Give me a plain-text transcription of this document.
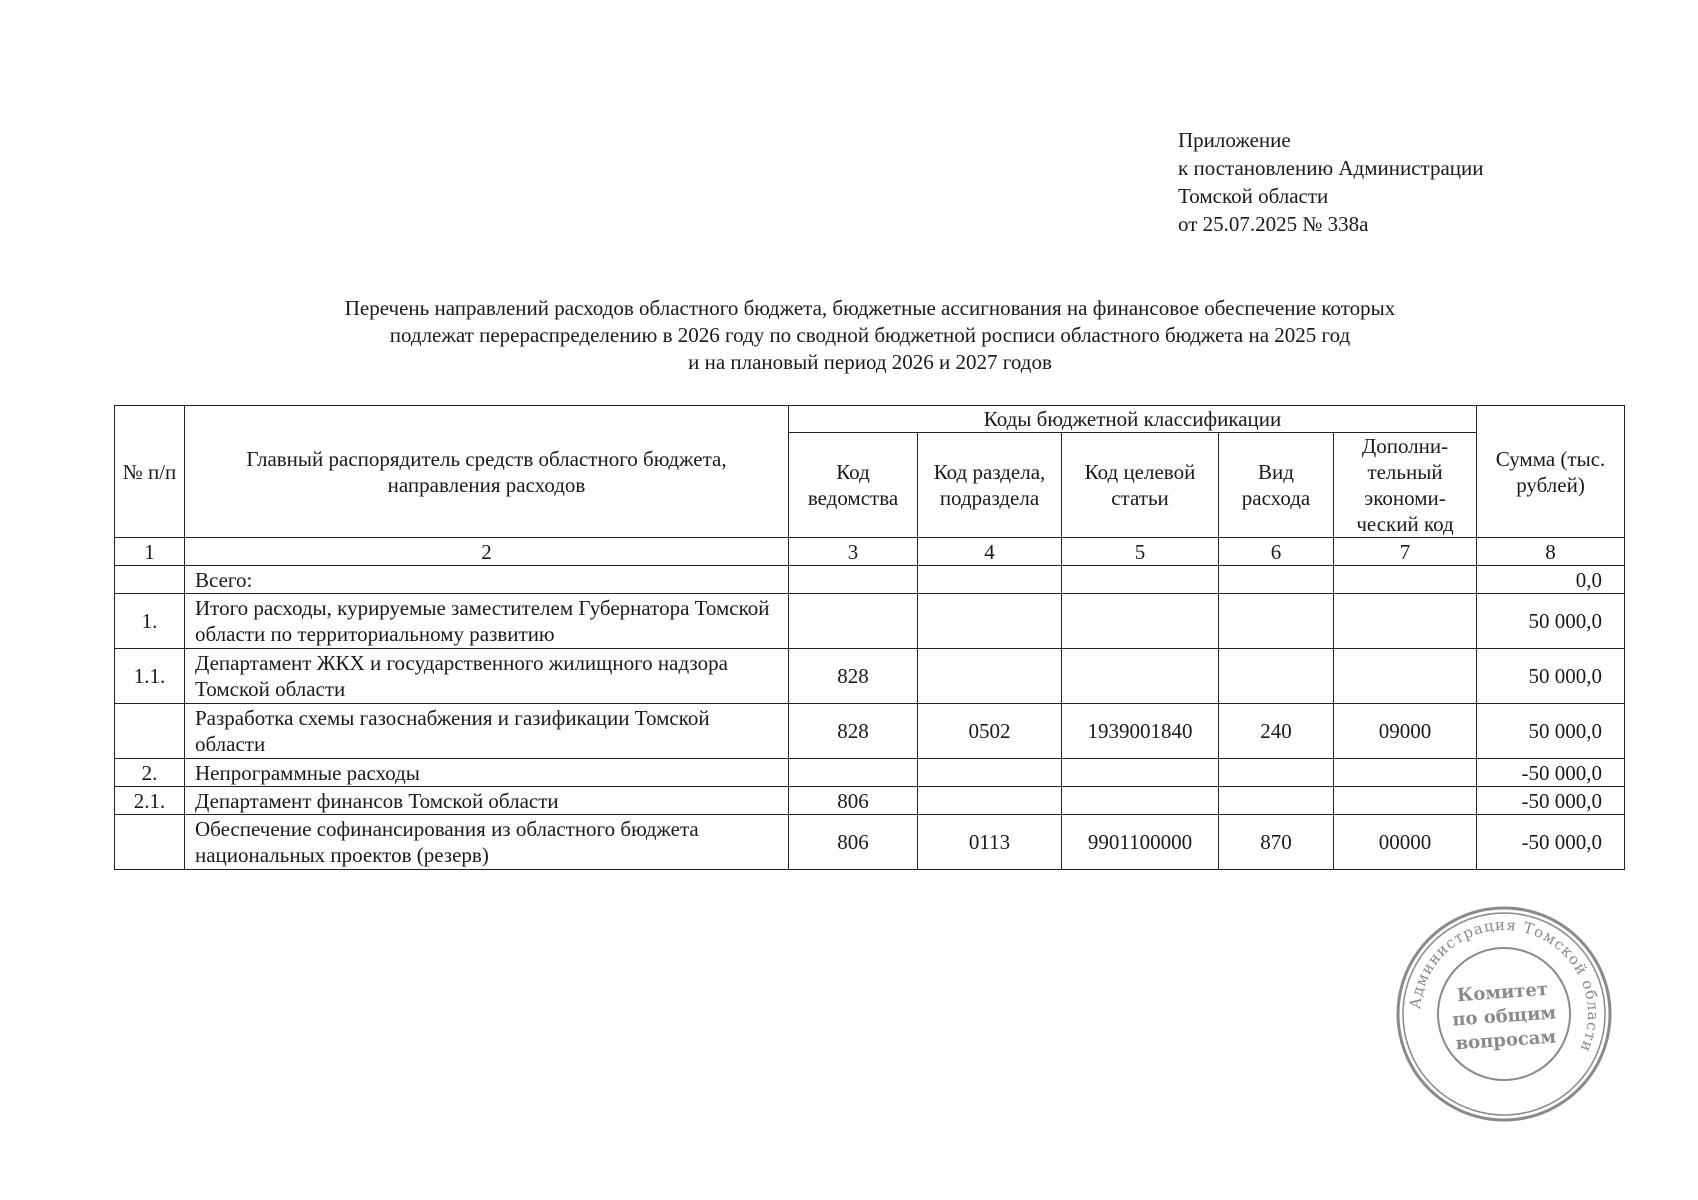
Приложение
к постановлению Администрации
Томской области
от 25.07.2025 № 338а
Перечень направлений расходов областного бюджета, бюджетные ассигнования на финансовое обеспечение которых
подлежат перераспределению в 2026 году по сводной бюджетной росписи областного бюджета на 2025 год
и на плановый период 2026 и 2027 годов
№ п/п	Главный распорядитель средств областного бюджета, направления расходов	Коды бюджетной классификации					Сумма (тыс. рублей)
		Код ведомства	Код раздела, подраздела	Код целевой статьи	Вид расхода	Дополни-тельный экономи-ческий код	
1	2	3	4	5	6	7	8
	Всего:						0,0
1.	Итого расходы, курируемые заместителем Губернатора Томской области по территориальному развитию						50 000,0
1.1.	Департамент ЖКХ и государственного жилищного надзора Томской области	828					50 000,0
	Разработка схемы газоснабжения и газификации Томской области	828	0502	1939001840	240	09000	50 000,0
2.	Непрограммные расходы						-50 000,0
2.1.	Департамент финансов Томской области	806					-50 000,0
	Обеспечение софинансирования из областного бюджета национальных проектов (резерв)	806	0113	9901100000	870	00000	-50 000,0
Администрация Томской области
Комитет
по общим
вопросам
